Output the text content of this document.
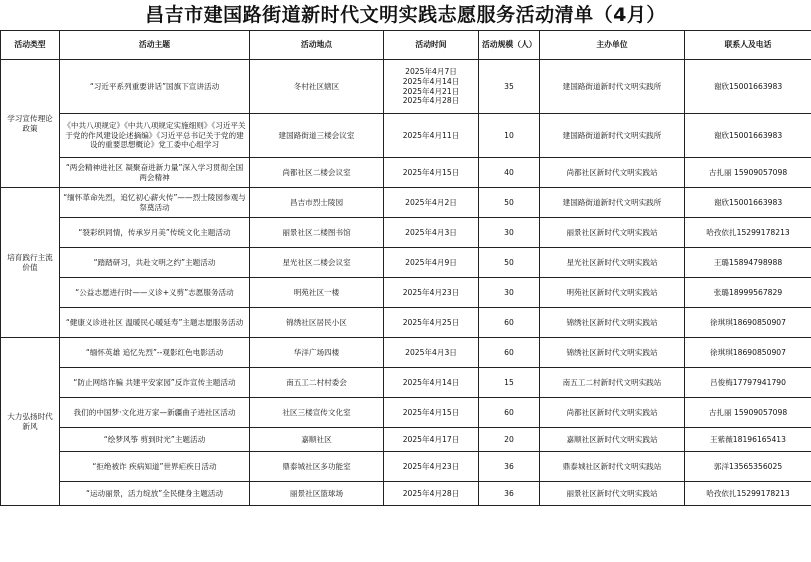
昌吉市建国路街道新时代文明实践志愿服务活动清单（4月）
活动类型	活动主题	活动地点	活动时间	活动规模（人）	主办单位	联系人及电话
学习宣传理论政策	“习近平系列重要讲话”国旗下宣讲活动	冬村社区辖区	2025年4月7日
2025年4月14日
2025年4月21日
2025年4月28日	35	建国路街道新时代文明实践所	谢欣15001663983
	《中共八项规定》《中共八项规定实施细则》《习近平关于党的作风建设论述摘编》《习近平总书记关于党的建设的重要思想概论》党工委中心组学习	建国路街道三楼会议室	2025年4月11日	10	建国路街道新时代文明实践所	谢欣15001663983
	“两会精神进社区 凝聚奋进新力量”深入学习贯彻全国两会精神	尚都社区二楼会议室	2025年4月15日	40	尚都社区新时代文明实践站	古扎丽 15909057098
培育践行主流价值	“缅怀革命先烈，追忆初心薪火传”——烈士陵园参观与祭奠活动	昌吉市烈士陵园	2025年4月2日	50	建国路街道新时代文明实践所	谢欣15001663983
	“裂彩织同情，传承岁月美”传统文化主题活动	丽景社区二楼图书馆	2025年4月3日	30	丽景社区新时代文明实践站	哈孜依扎15299178213
	“踏踏研习，共赴文明之约”主题活动	星光社区二楼会议室	2025年4月9日	50	星光社区新时代文明实践站	王璐15894798988
	“公益志愿进行时——义诊+义剪”志愿服务活动	明苑社区一楼	2025年4月23日	30	明苑社区新时代文明实践站	张璐18999567829
	“健康义诊进社区 温暖民心暖延寿”主题志愿服务活动	锦绣社区居民小区	2025年4月25日	60	锦绣社区新时代文明实践站	徐琪琪18690850907
大力弘扬时代新风	“缅怀英雄 追忆先烈”--观影红色电影活动	华洋广场四楼	2025年4月3日	60	锦绣社区新时代文明实践站	徐琪琪18690850907
	“防止网络诈骗 共建平安家园”反诈宣传主题活动	南五工二村村委会	2025年4月14日	15	南五工二村新时代文明实践站	吕俊梅17797941790
	我们的中国梦·文化进万家—新疆曲子进社区活动	社区三楼宣传文化室	2025年4月15日	60	尚都社区新时代文明实践站	古扎丽 15909057098
	“绘梦风筝 剪到时光”主题活动	嘉顺社区	2025年4月17日	20	嘉顺社区新时代文明实践站	王紫薇18196165413
	“拒绝被诈 疾病知道”世界疟疾日活动	鼎泰城社区多功能室	2025年4月23日	36	鼎泰城社区新时代文明实践站	郭洋13565356025
	“运动丽景，活力绽放”全民健身主题活动	丽景社区篮球场	2025年4月28日	36	丽景社区新时代文明实践站	哈孜依扎15299178213
